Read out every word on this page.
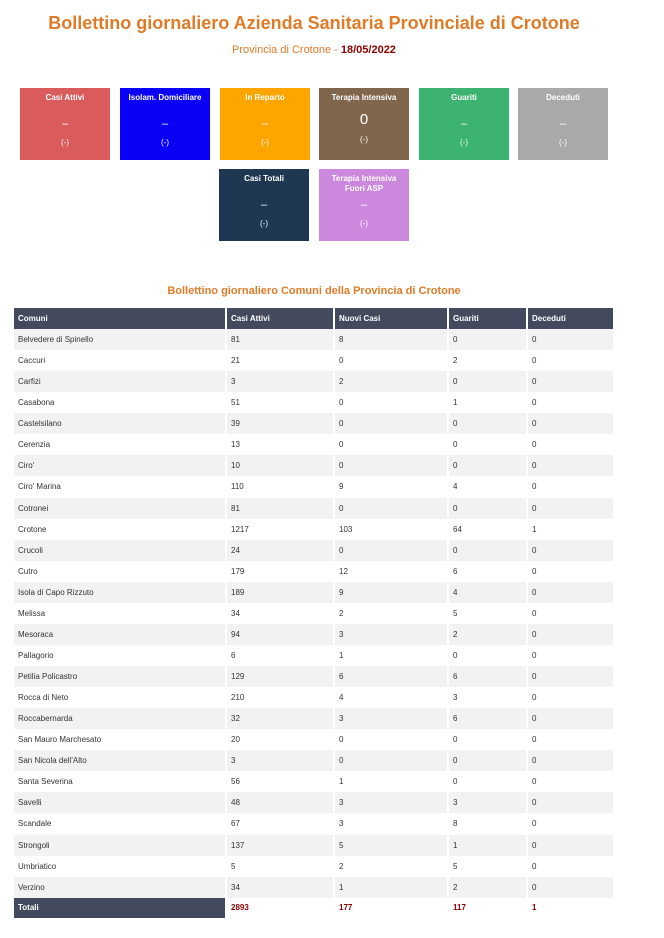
Bollettino giornaliero Azienda Sanitaria Provinciale di Crotone
Provincia di Crotone - 18/05/2022
Casi Attivi
–
(-)
Isolam. Domiciliare
–
(-)
In Reparto
–
(-)
Terapia Intensiva
0
(-)
Guariti
–
(-)
Deceduti
–
(-)
Casi Totali
–
(-)
Terapia Intensiva Fuori ASP
–
(-)
Bollettino giornaliero Comuni della Provincia di Crotone
Comuni	Casi Attivi	Nuovi Casi	Guariti	Deceduti
Belvedere di Spinello	81	8	0	0
Caccuri	21	0	2	0
Carfizi	3	2	0	0
Casabona	51	0	1	0
Castelsilano	39	0	0	0
Cerenzia	13	0	0	0
Ciro'	10	0	0	0
Ciro' Marina	110	9	4	0
Cotronei	81	0	0	0
Crotone	1217	103	64	1
Crucoli	24	0	0	0
Cutro	179	12	6	0
Isola di Capo Rizzuto	189	9	4	0
Melissa	34	2	5	0
Mesoraca	94	3	2	0
Pallagorio	6	1	0	0
Petilia Policastro	129	6	6	0
Rocca di Neto	210	4	3	0
Roccabernarda	32	3	6	0
San Mauro Marchesato	20	0	0	0
San Nicola dell'Alto	3	0	0	0
Santa Severina	56	1	0	0
Savelli	48	3	3	0
Scandale	67	3	8	0
Strongoli	137	5	1	0
Umbriatico	5	2	5	0
Verzino	34	1	2	0
Totali	2893	177	117	1
